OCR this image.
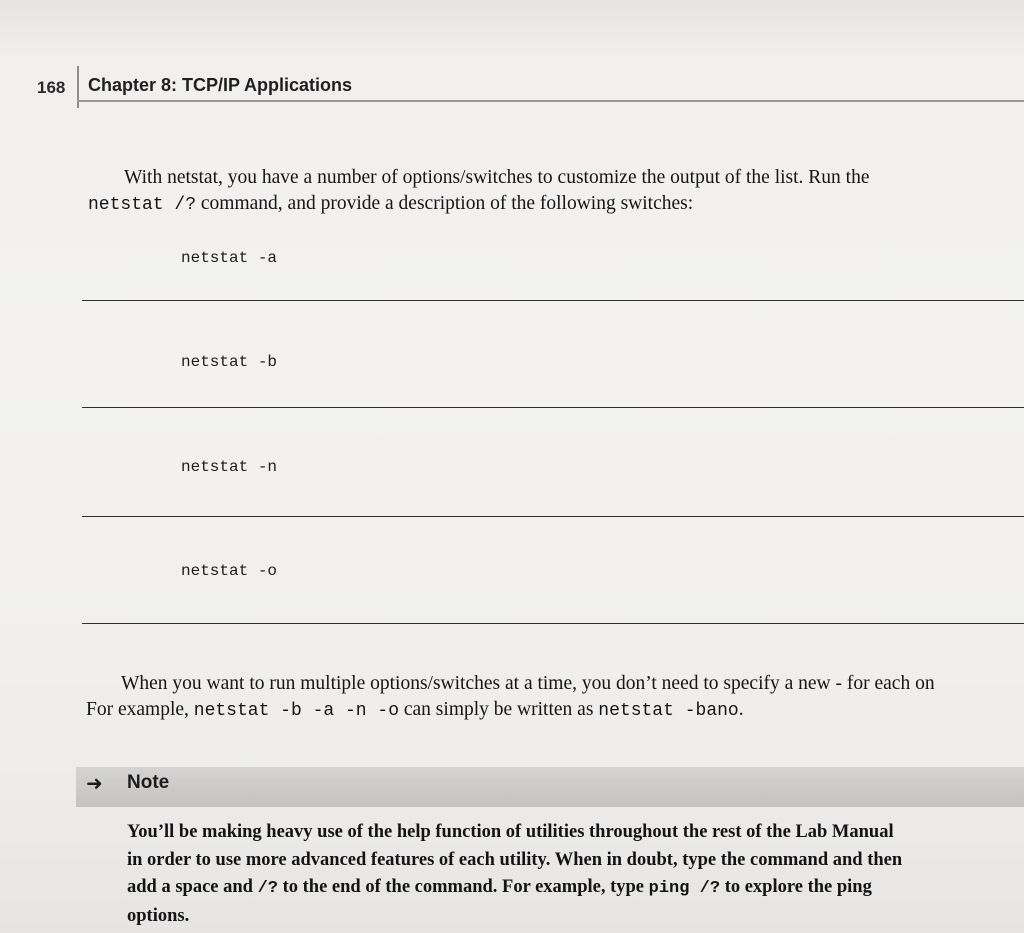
168 Chapter 8: TCP/IP Applications
With netstat, you have a number of options/switches to customize the output of the list. Run the
netstat /? command, and provide a description of the following switches:
netstat -a
netstat -b
netstat -n
netstat -o
When you want to run multiple options/switches at a time, you don’t need to specify a new - for each on
For example, netstat -b -a -n -o can simply be written as netstat -bano.
➜ Note
You’ll be making heavy use of the help function of utilities throughout the rest of the Lab Manual
in order to use more advanced features of each utility. When in doubt, type the command and then
add a space and /? to the end of the command. For example, type ping /? to explore the ping
options.
